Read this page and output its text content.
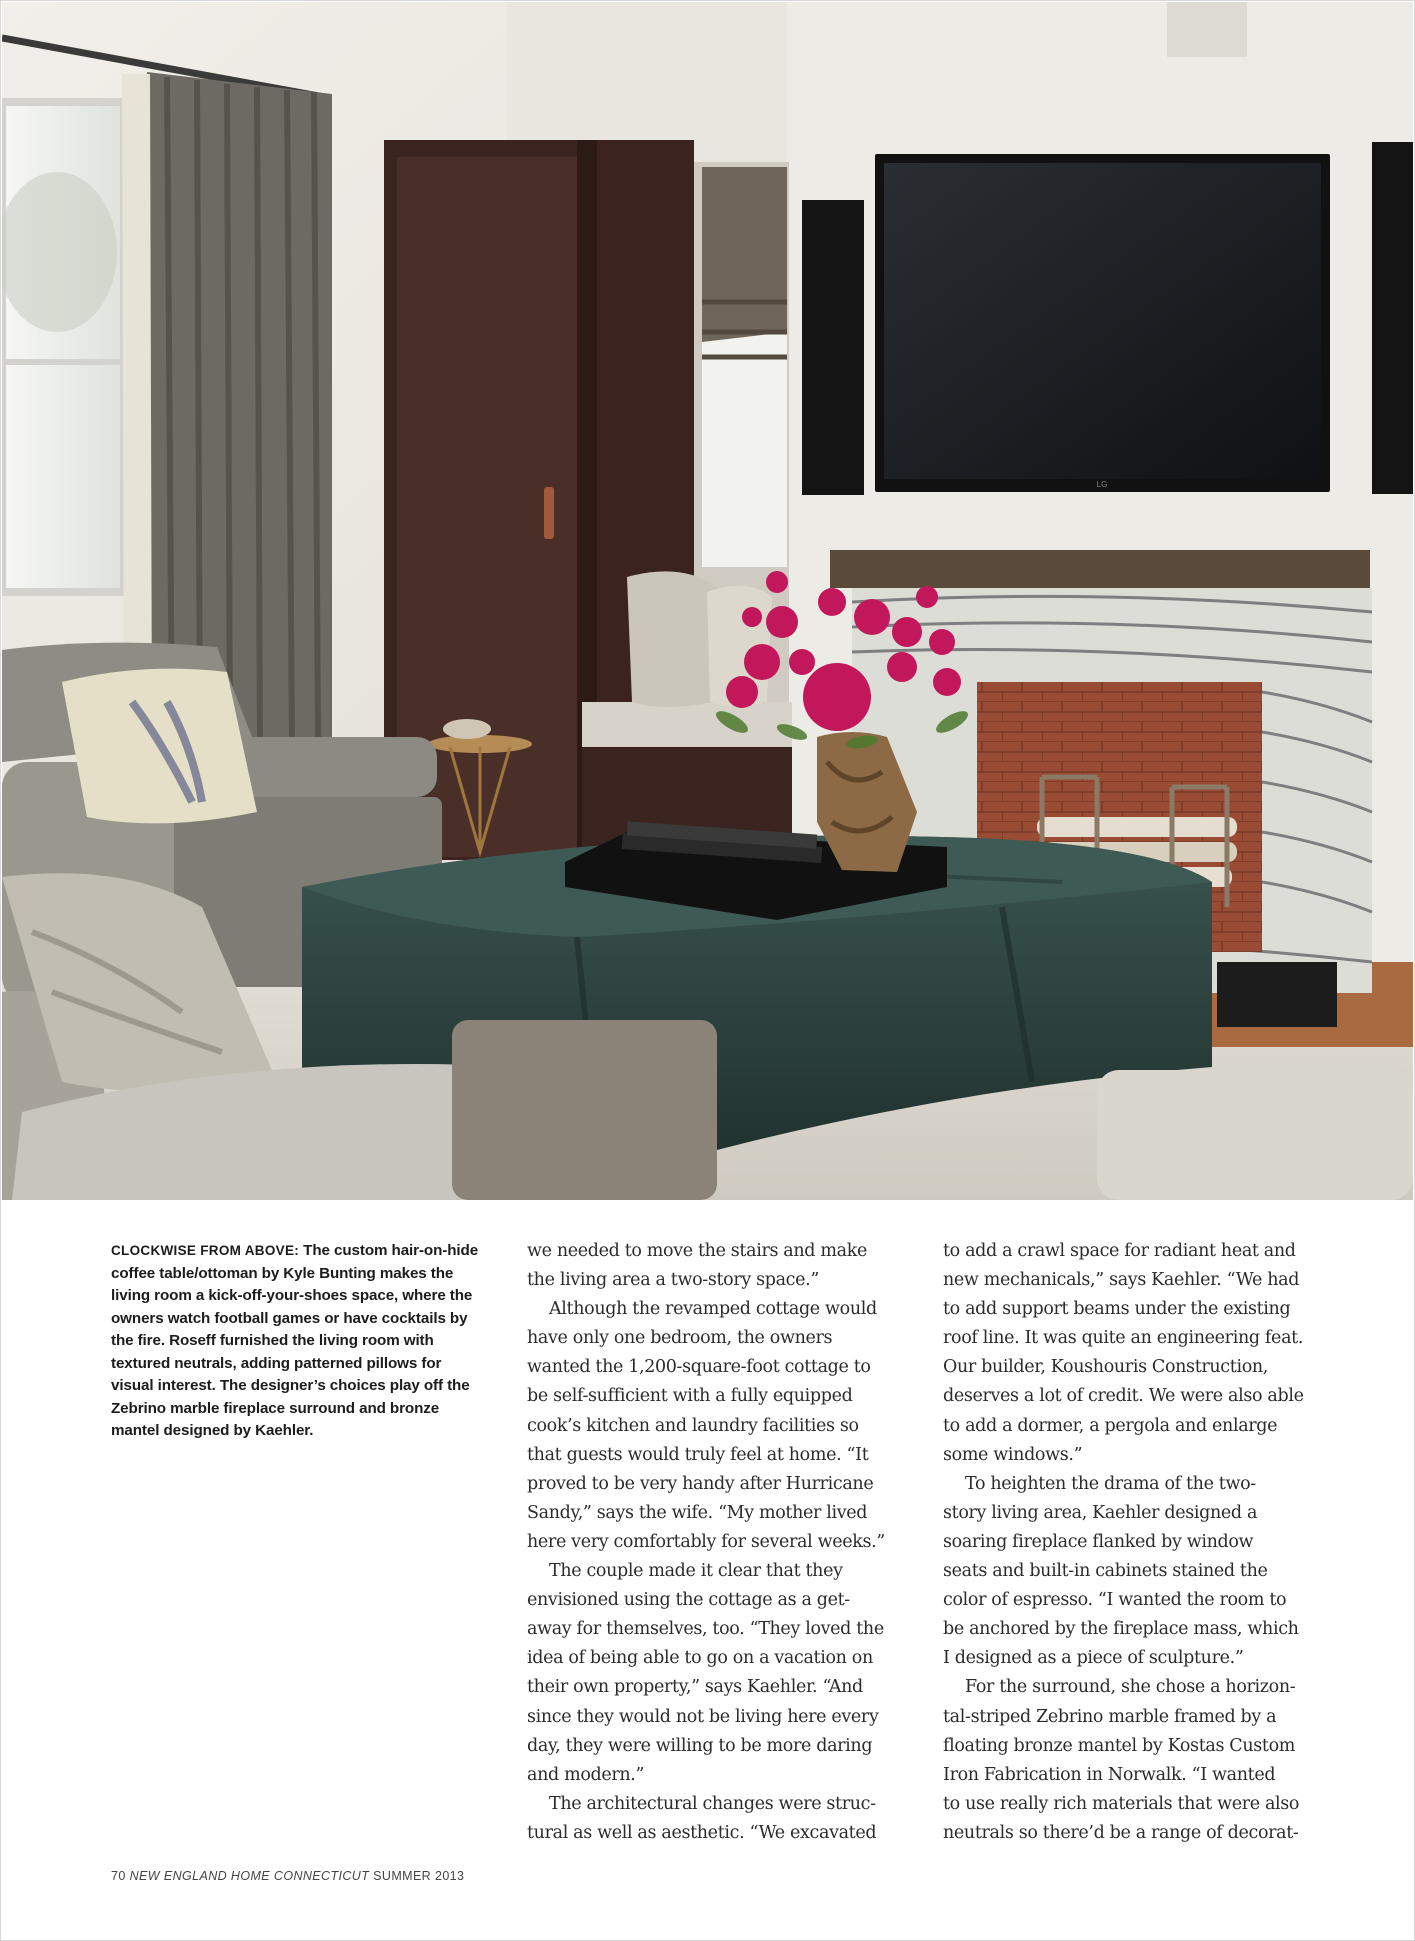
LG
CLOCKWISE FROM ABOVE: The custom hair-on-hide coffee table/ottoman by Kyle Bunting makes the living room a kick-off-your-shoes space, where the owners watch football games or have cocktails by the fire. Roseff furnished the living room with textured neutrals, adding patterned pillows for visual interest. The designer’s choices play off the Zebrino marble fireplace surround and bronze mantel designed by Kaehler.
we needed to move the stairs and make
the living area a two-story space.”
Although the revamped cottage would
have only one bedroom, the owners
wanted the 1,200-square-foot cottage to
be self-sufficient with a fully equipped
cook’s kitchen and laundry facilities so
that guests would truly feel at home. “It
proved to be very handy after Hurricane
Sandy,” says the wife. “My mother lived
here very comfortably for several weeks.”
The couple made it clear that they
envisioned using the cottage as a get-
away for themselves, too. “They loved the
idea of being able to go on a vacation on
their own property,” says Kaehler. “And
since they would not be living here every
day, they were willing to be more daring
and modern.”
The architectural changes were struc-
tural as well as aesthetic. “We excavated
to add a crawl space for radiant heat and
new mechanicals,” says Kaehler. “We had
to add support beams under the existing
roof line. It was quite an engineering feat.
Our builder, Koushouris Construction,
deserves a lot of credit. We were also able
to add a dormer, a pergola and enlarge
some windows.”
To heighten the drama of the two-
story living area, Kaehler designed a
soaring fireplace flanked by window
seats and built-in cabinets stained the
color of espresso. “I wanted the room to
be anchored by the fireplace mass, which
I designed as a piece of sculpture.”
For the surround, she chose a horizon-
tal-striped Zebrino marble framed by a
floating bronze mantel by Kostas Custom
Iron Fabrication in Norwalk. “I wanted
to use really rich materials that were also
neutrals so there’d be a range of decorat-
70 NEW ENGLAND HOME CONNECTICUT SUMMER 2013
